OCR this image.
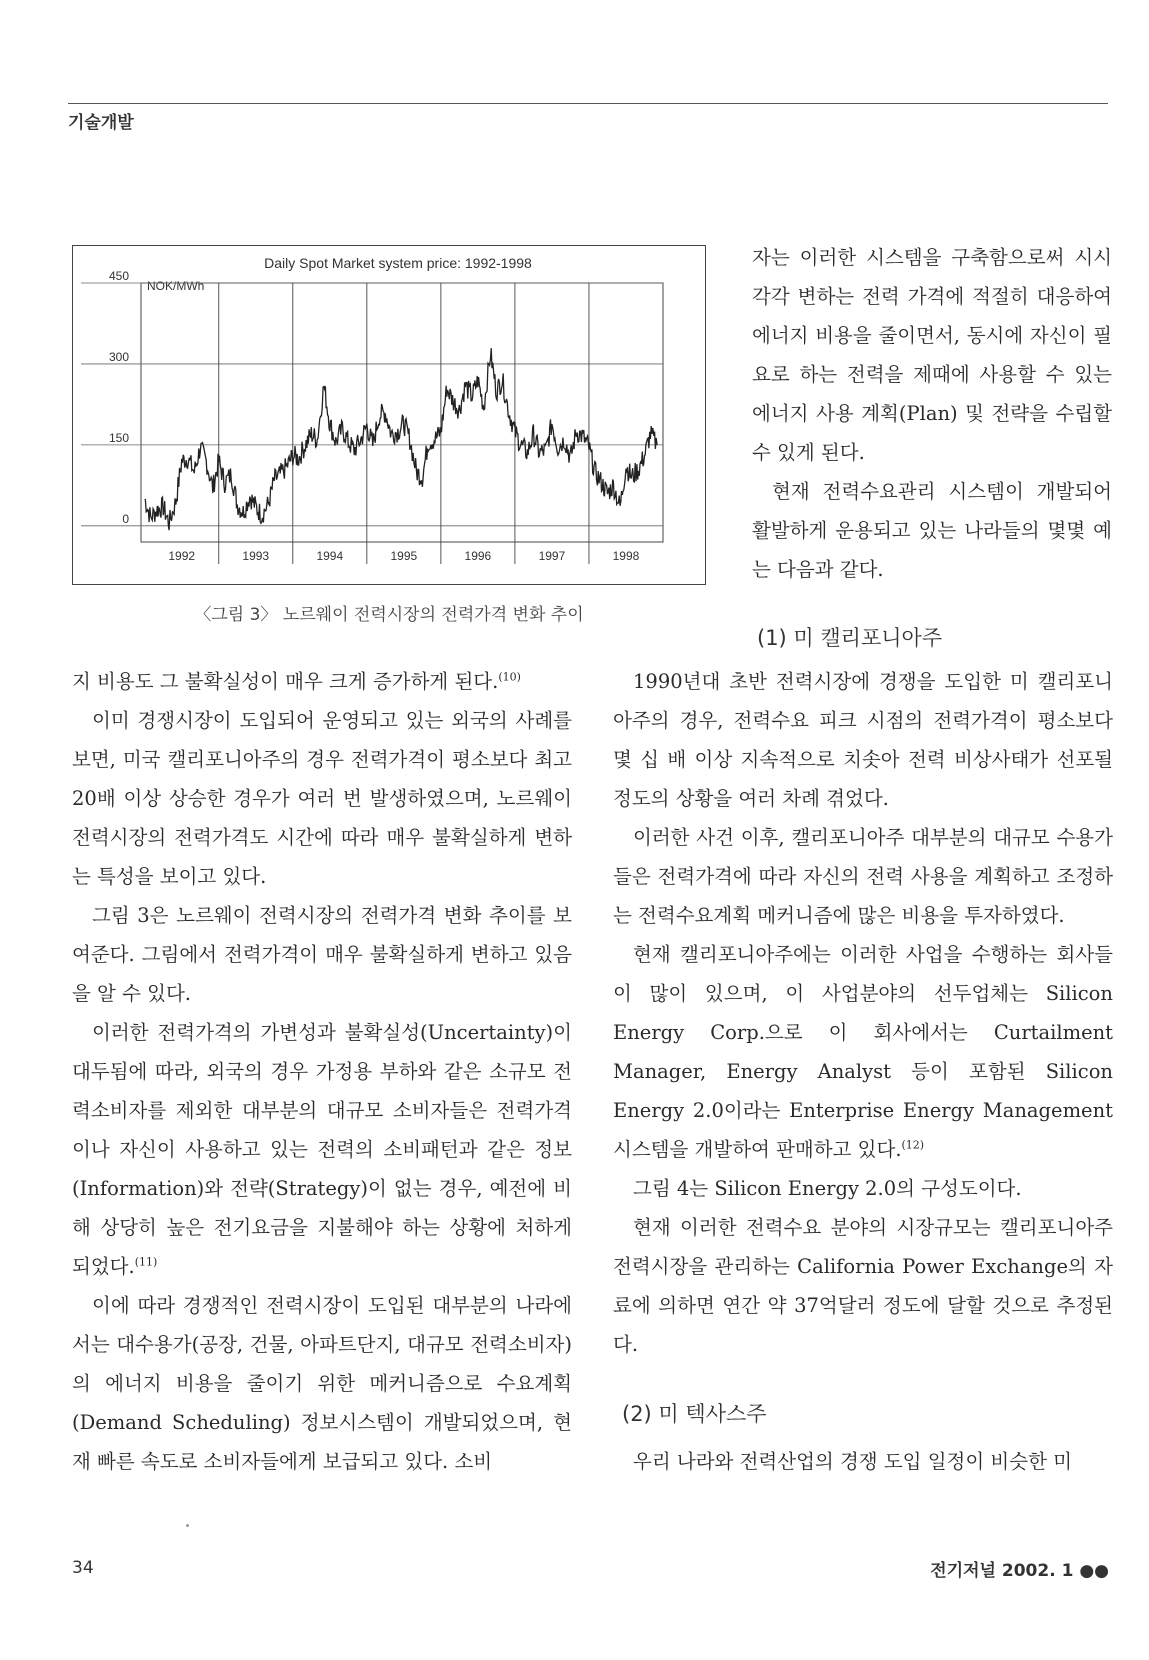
기술개발
Daily Spot Market system price: 1992-1998
NOK/MWh
450
300
150
0
1992	1993	1994	1995	1996	1997	1998
〈그림 3〉 노르웨이 전력시장의 전력가격 변화 추이

자는 이러한 시스템을 구축함으로써 시시각각 변하는 전력 가격에 적절히 대응하여 에너지 비용을 줄이면서, 동시에 자신이 필요로 하는 전력을 제때에 사용할 수 있는 에너지 사용 계획(Plan) 및 전략을 수립할 수 있게 된다.

현재 전력수요관리 시스템이 개발되어 활발하게 운용되고 있는 나라들의 몇몇 예는 다음과 같다.

(1) 미 캘리포니아주

지 비용도 그 불확실성이 매우 크게 증가하게 된다.$^{(10)}$

이미 경쟁시장이 도입되어 운영되고 있는 외국의 사례를 보면, 미국 캘리포니아주의 경우 전력가격이 평소보다 최고 20배 이상 상승한 경우가 여러 번 발생하였으며, 노르웨이 전력시장의 전력가격도 시간에 따라 매우 불확실하게 변하는 특성을 보이고 있다.

그림 3은 노르웨이 전력시장의 전력가격 변화 추이를 보여준다. 그림에서 전력가격이 매우 불확실하게 변하고 있음을 알 수 있다.

이러한 전력가격의 가변성과 불확실성(Uncertainty)이 대두됨에 따라, 외국의 경우 가정용 부하와 같은 소규모 전력소비자를 제외한 대부분의 대규모 소비자들은 전력가격이나 자신이 사용하고 있는 전력의 소비패턴과 같은 정보(Information)와 전략(Strategy)이 없는 경우, 예전에 비해 상당히 높은 전기요금을 지불해야 하는 상황에 처하게 되었다.$^{(11)}$

이에 따라 경쟁적인 전력시장이 도입된 대부분의 나라에서는 대수용가(공장, 건물, 아파트단지, 대규모 전력소비자)의 에너지 비용을 줄이기 위한 메커니즘으로 수요계획(Demand Scheduling) 정보시스템이 개발되었으며, 현재 빠른 속도로 소비자들에게 보급되고 있다. 소비

1990년대 초반 전력시장에 경쟁을 도입한 미 캘리포니아주의 경우, 전력수요 피크 시점의 전력가격이 평소보다 몇 십 배 이상 지속적으로 치솟아 전력 비상사태가 선포될 정도의 상황을 여러 차례 겪었다.

이러한 사건 이후, 캘리포니아주 대부분의 대규모 수용가들은 전력가격에 따라 자신의 전력 사용을 계획하고 조정하는 전력수요계획 메커니즘에 많은 비용을 투자하였다.

현재 캘리포니아주에는 이러한 사업을 수행하는 회사들이 많이 있으며, 이 사업분야의 선두업체는 Silicon Energy Corp.으로 이 회사에서는 Curtailment Manager, Energy Analyst 등이 포함된 Silicon Energy 2.0이라는 Enterprise Energy Management 시스템을 개발하여 판매하고 있다.$^{(12)}$

그림 4는 Silicon Energy 2.0의 구성도이다.

현재 이러한 전력수요 분야의 시장규모는 캘리포니아주 전력시장을 관리하는 California Power Exchange의 자료에 의하면 연간 약 37억달러 정도에 달할 것으로 추정된다.

(2) 미 텍사스주

우리 나라와 전력산업의 경쟁 도입 일정이 비슷한 미

34	전기저널 2002. 1 ●●
